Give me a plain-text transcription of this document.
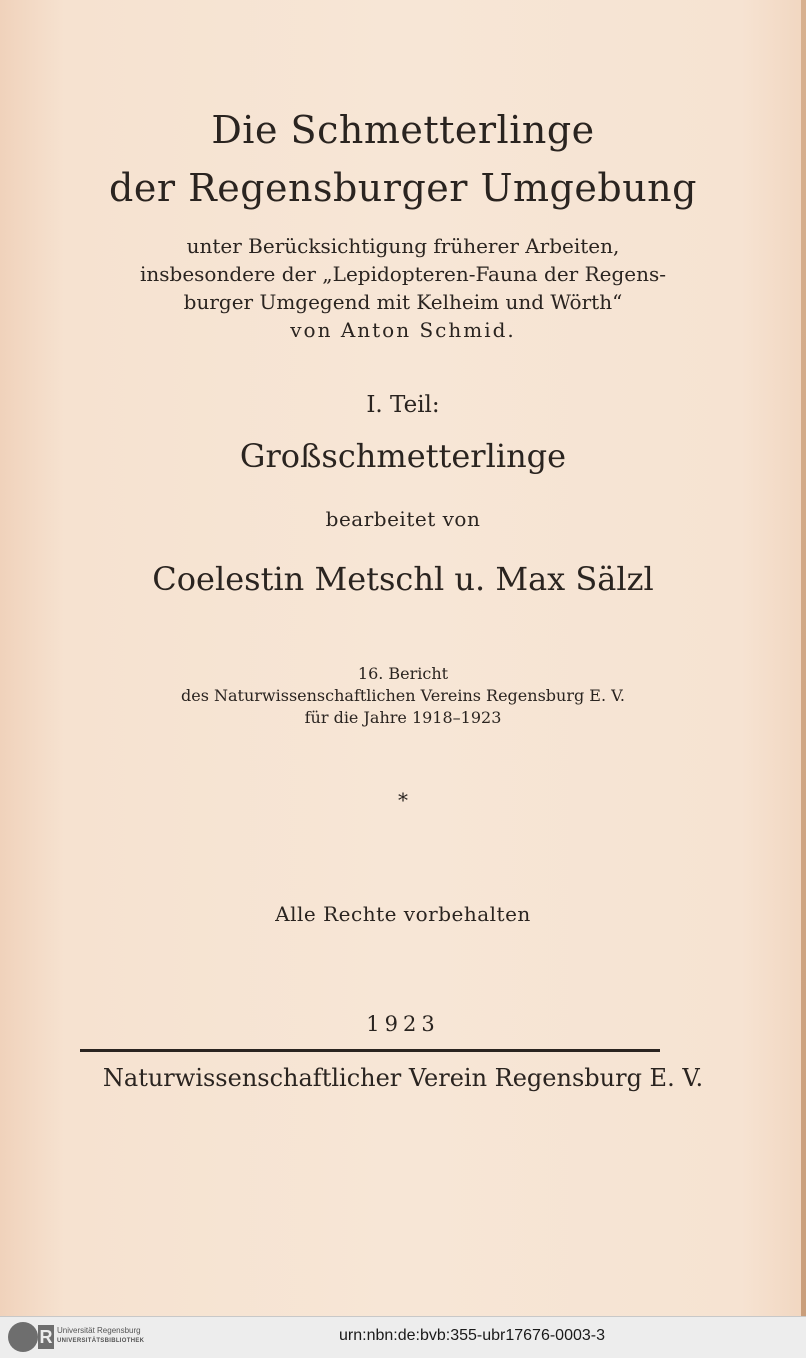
Die Schmetterlinge
der Regensburger Umgebung
unter Berücksichtigung früherer Arbeiten,
insbesondere der „Lepidopteren-Fauna der Regens-
burger Umgegend mit Kelheim und Wörth“
von Anton Schmid.
I. Teil:
Großschmetterlinge
bearbeitet von
Coelestin Metschl u. Max Sälzl
16. Bericht
des Naturwissenschaftlichen Vereins Regensburg E. V.
für die Jahre 1918–1923
*
Alle Rechte vorbehalten
1923
Naturwissenschaftlicher Verein Regensburg E. V.
R Universität Regensburg
UNIVERSITÄTSBIBLIOTHEK	urn:nbn:de:bvb:355-ubr17676-0003-3
